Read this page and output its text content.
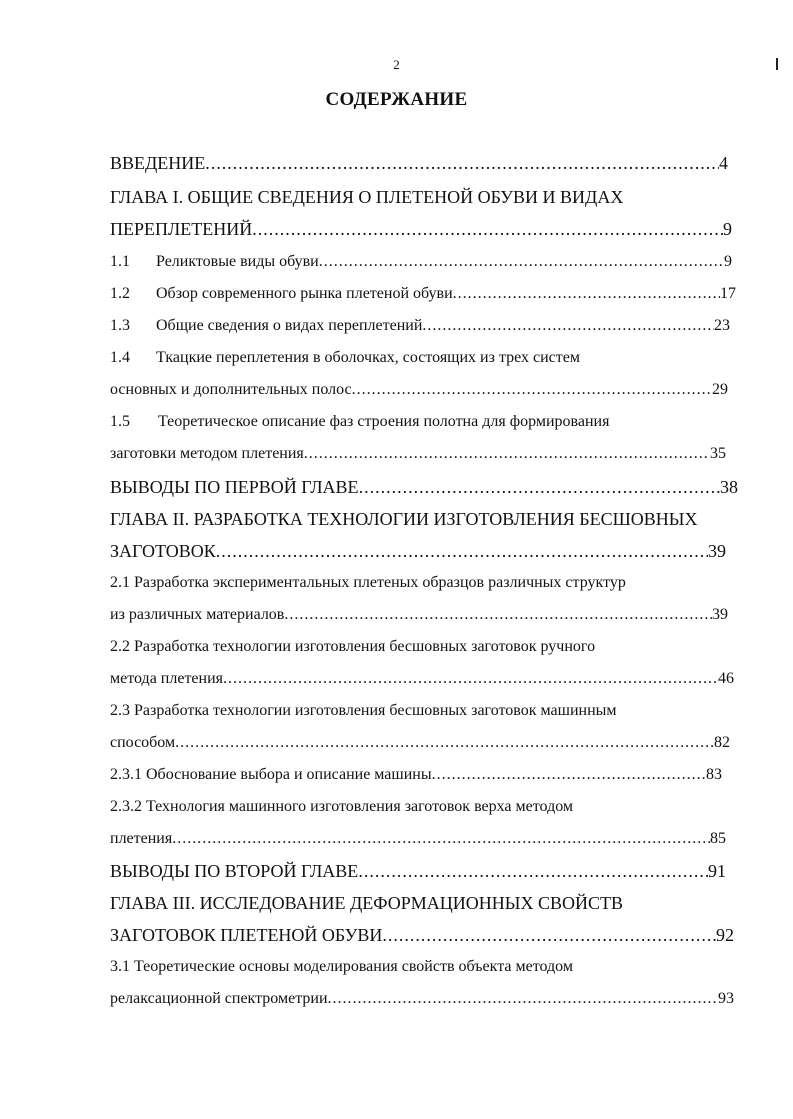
2
СОДЕРЖАНИЕ
ВВЕДЕНИЕ .....	4
ГЛАВА I. ОБЩИЕ СВЕДЕНИЯ О ПЛЕТЕНОЙ ОБУВИ И ВИДАХ
ПЕРЕПЛЕТЕНИЙ .....	9
1.1	Реликтовые виды обуви .....	9
1.2	Обзор современного рынка плетеной обуви .....	17
1.3	Общие сведения о видах переплетений .....	23
1.4 Ткацкие переплетения в оболочках, состоящих из трех систем
основных и дополнительных полос .....	29
1.5 Теоретическое описание фаз строения полотна для формирования
заготовки методом плетения .....	35
ВЫВОДЫ ПО ПЕРВОЙ ГЛАВЕ .....	38
ГЛАВА II. РАЗРАБОТКА ТЕХНОЛОГИИ ИЗГОТОВЛЕНИЯ БЕСШОВНЫХ
ЗАГОТОВОК .....	39
2.1 Разработка экспериментальных плетеных образцов различных структур
из различных материалов .....	39
2.2 Разработка технологии изготовления бесшовных заготовок ручного
метода плетения .....	46
2.3 Разработка технологии изготовления бесшовных заготовок машинным
способом .....	82
2.3.1 Обоснование выбора и описание машины .....	83
2.3.2 Технология машинного изготовления заготовок верха методом
плетения .....	85
ВЫВОДЫ ПО ВТОРОЙ ГЛАВЕ .....	91
ГЛАВА III. ИССЛЕДОВАНИЕ ДЕФОРМАЦИОННЫХ СВОЙСТВ
ЗАГОТОВОК ПЛЕТЕНОЙ ОБУВИ .....	92
3.1 Теоретические основы моделирования свойств объекта методом
релаксационной спектрометрии .....	93
